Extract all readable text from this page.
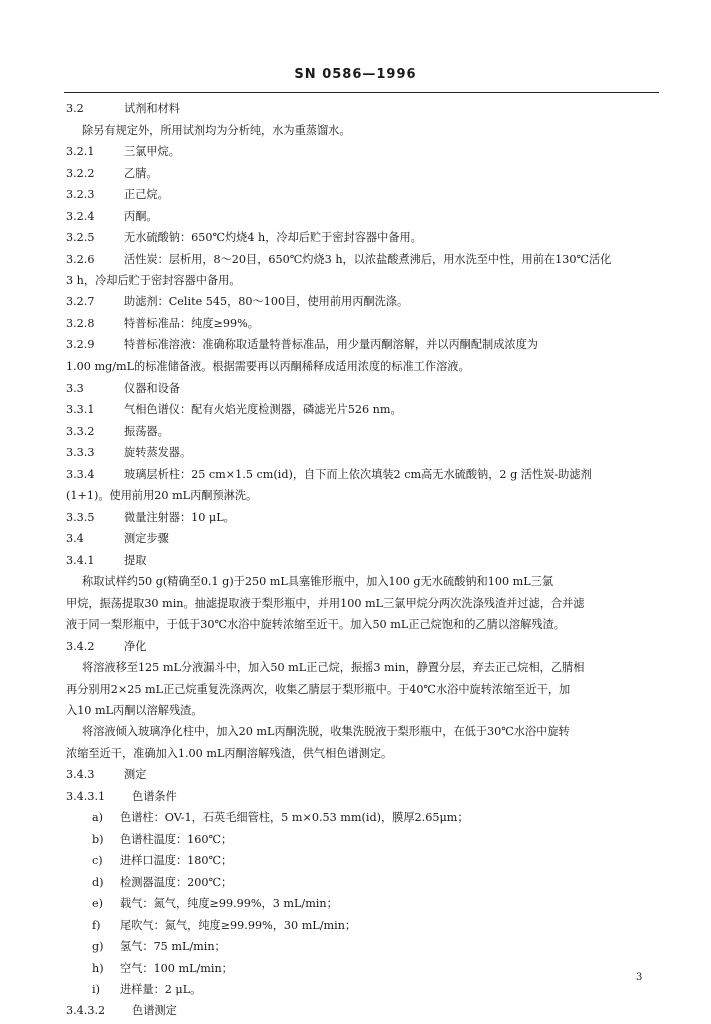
SN 0586—1996
3.2	试剂和材料
除另有规定外，所用试剂均为分析纯，水为重蒸馏水。
3.2.1	三氯甲烷。
3.2.2	乙腈。
3.2.3	正己烷。
3.2.4	丙酮。
3.2.5	无水硫酸钠：650℃灼烧4 h，冷却后贮于密封容器中备用。
3.2.6	活性炭：层析用，8～20目，650℃灼烧3 h，以浓盐酸煮沸后，用水洗至中性，用前在130℃活化
3 h，冷却后贮于密封容器中备用。
3.2.7	助滤剂：Celite 545，80～100目，使用前用丙酮洗涤。
3.2.8	特普标准品：纯度≥99%。
3.2.9	特普标准溶液：准确称取适量特普标准品，用少量丙酮溶解，并以丙酮配制成浓度为
1.00 mg/mL的标准储备液。根据需要再以丙酮稀释成适用浓度的标准工作溶液。
3.3	仪器和设备
3.3.1	气相色谱仪：配有火焰光度检测器，磷滤光片526 nm。
3.3.2	振荡器。
3.3.3	旋转蒸发器。
3.3.4	玻璃层析柱：25 cm×1.5 cm(id)，自下而上依次填装2 cm高无水硫酸钠，2 g 活性炭-助滤剂
(1+1)。使用前用20 mL丙酮预淋洗。
3.3.5	微量注射器：10 μL。
3.4	测定步骤
3.4.1	提取
称取试样约50 g(精确至0.1 g)于250 mL具塞锥形瓶中，加入100 g无水硫酸钠和100 mL三氯
甲烷，振荡提取30 min。抽滤提取液于梨形瓶中，并用100 mL三氯甲烷分两次洗涤残渣并过滤，合并滤
液于同一梨形瓶中，于低于30℃水浴中旋转浓缩至近干。加入50 mL正己烷饱和的乙腈以溶解残渣。
3.4.2	净化
将溶液移至125 mL分液漏斗中，加入50 mL正己烷，振摇3 min，静置分层，弃去正己烷相，乙腈相
再分别用2×25 mL正己烷重复洗涤两次，收集乙腈层于梨形瓶中。于40℃水浴中旋转浓缩至近干，加
入10 mL丙酮以溶解残渣。
将溶液倾入玻璃净化柱中，加入20 mL丙酮洗脱，收集洗脱液于梨形瓶中，在低于30℃水浴中旋转
浓缩至近干，准确加入1.00 mL丙酮溶解残渣，供气相色谱测定。
3.4.3	测定
3.4.3.1 色谱条件
a) 色谱柱：OV-1，石英毛细管柱，5 m×0.53 mm(id)，膜厚2.65μm；
b) 色谱柱温度：160℃；
c) 进样口温度：180℃；
d) 检测器温度：200℃；
e) 载气：氮气，纯度≥99.99%，3 mL/min；
f) 尾吹气：氮气，纯度≥99.99%，30 mL/min；
g) 氢气：75 mL/min；
h) 空气：100 mL/min；
i) 进样量：2 μL。
3.4.3.2 色谱测定
3
